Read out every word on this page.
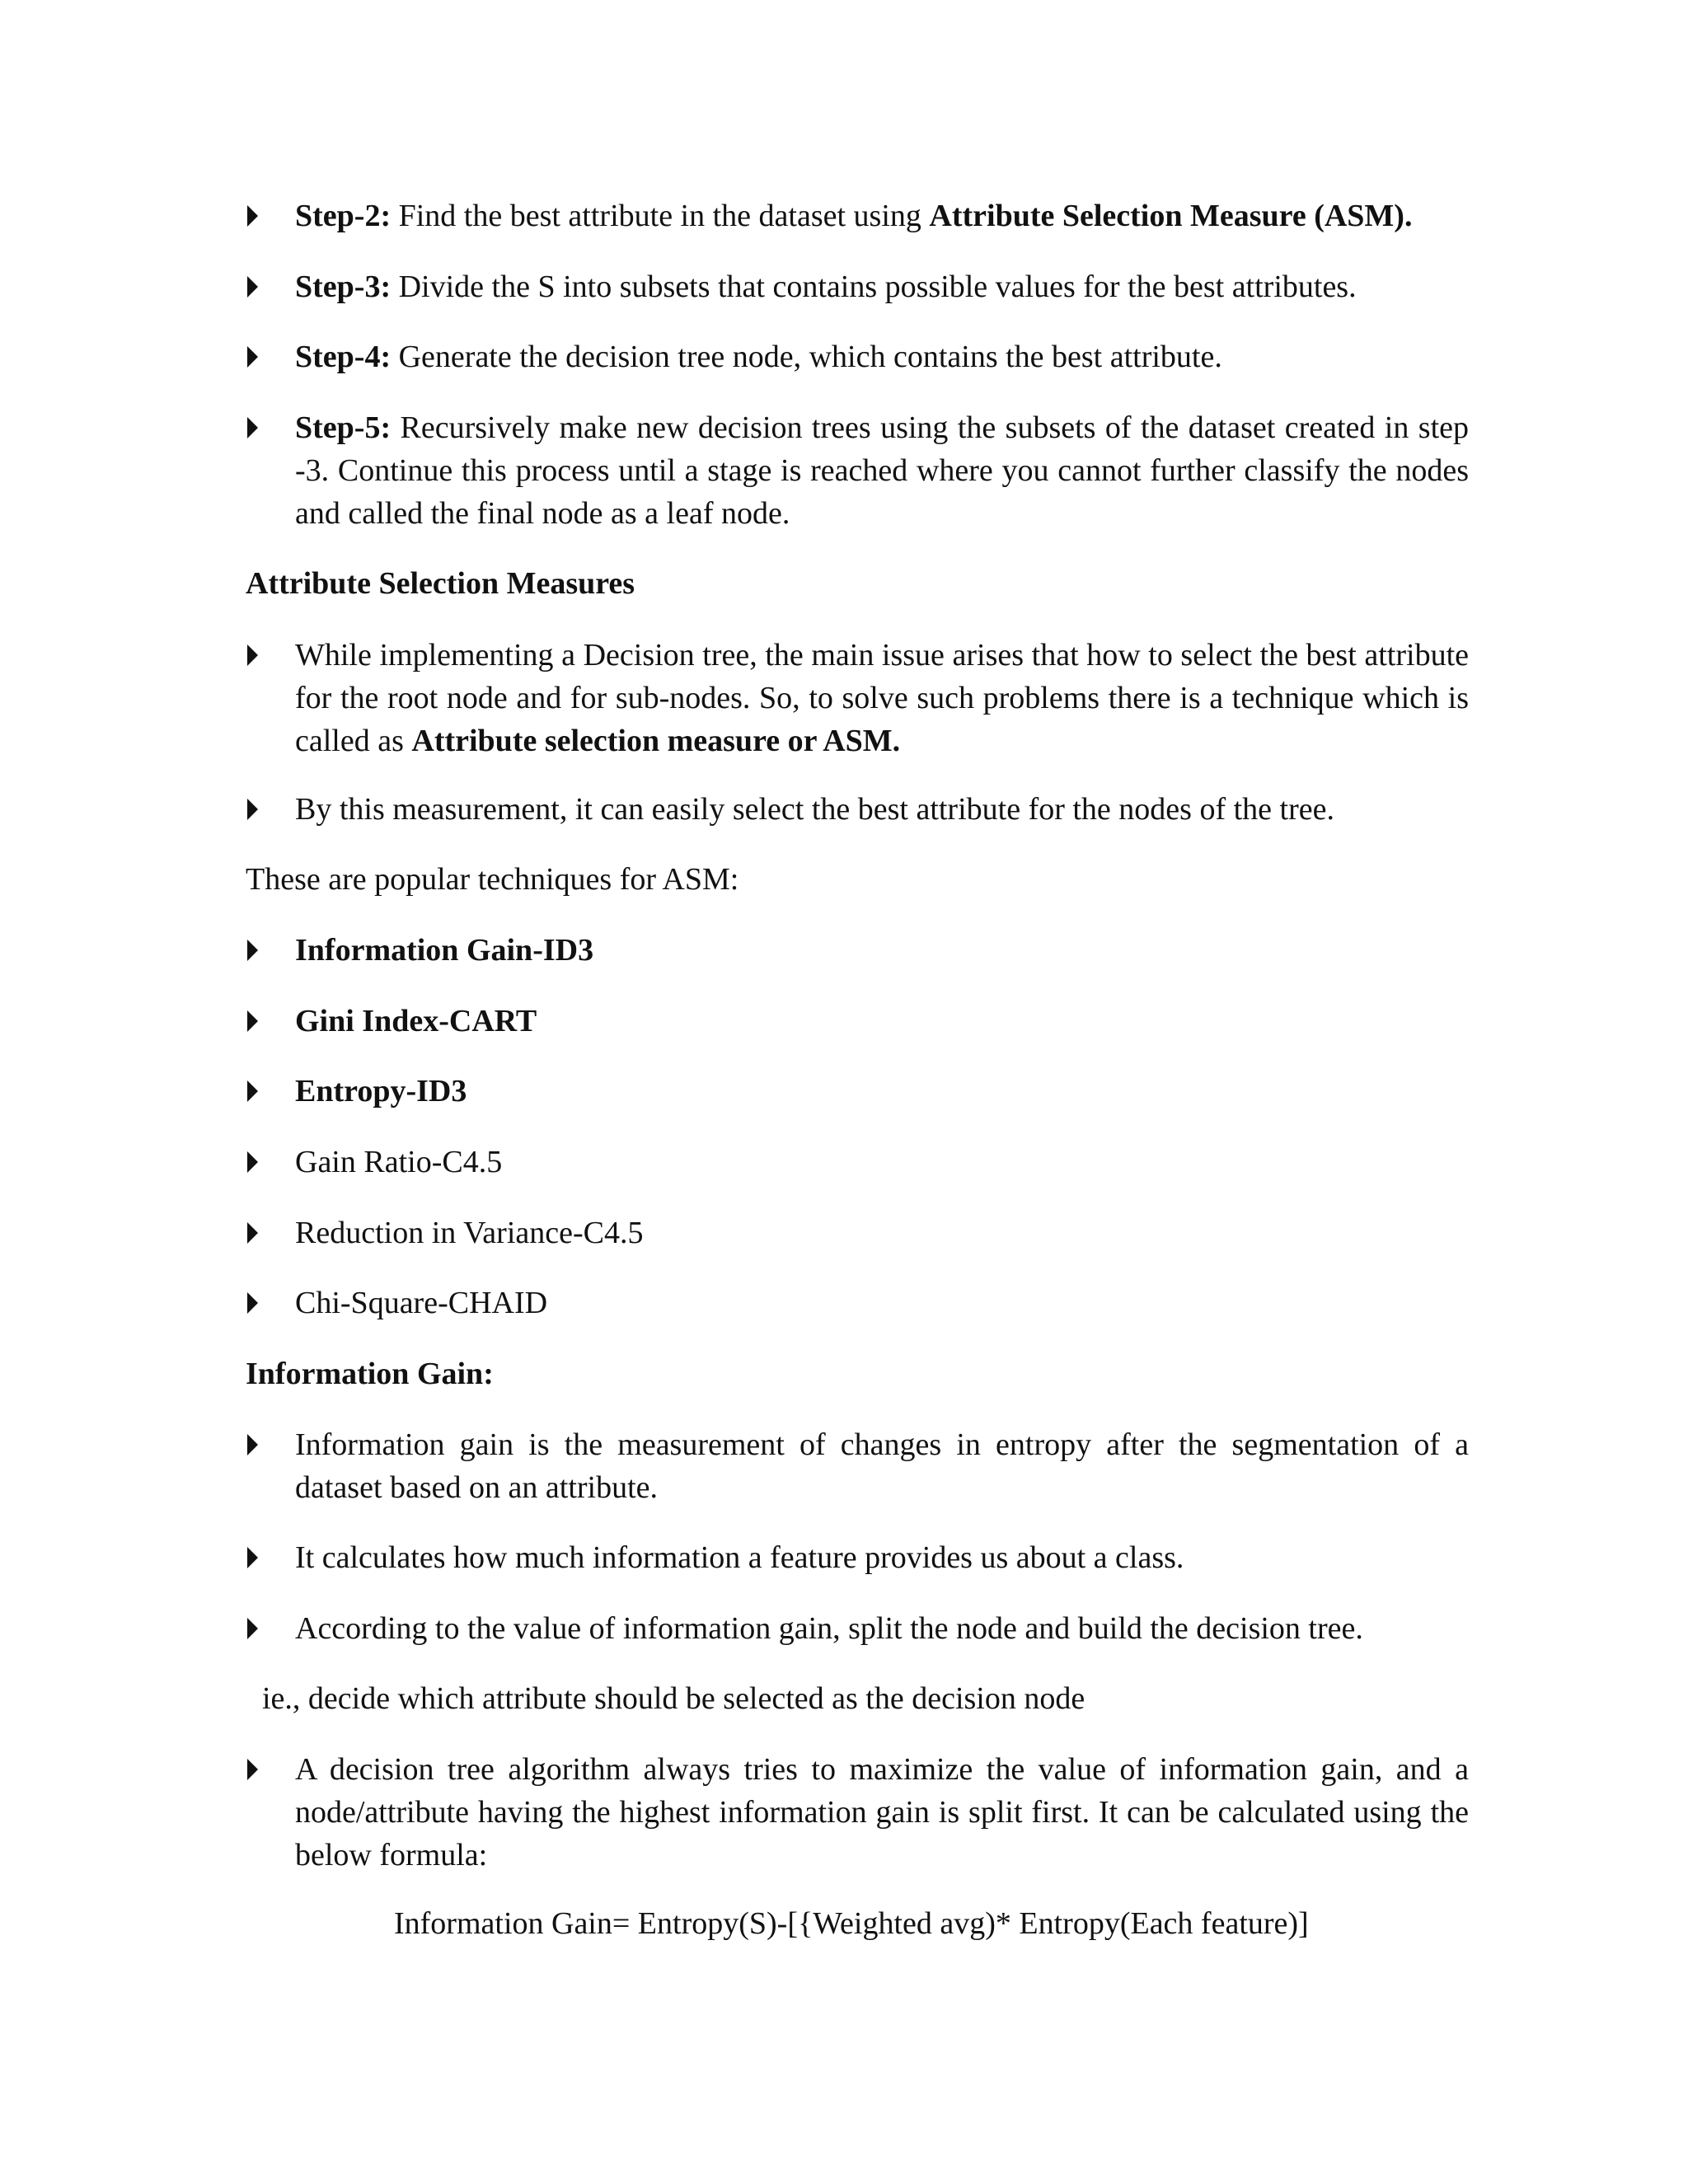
Step-2: Find the best attribute in the dataset using Attribute Selection Measure (ASM).
Step-3: Divide the S into subsets that contains possible values for the best attributes.
Step-4: Generate the decision tree node, which contains the best attribute.
Step-5: Recursively make new decision trees using the subsets of the dataset created in step -3. Continue this process until a stage is reached where you cannot further classify the nodes and called the final node as a leaf node.
Attribute Selection Measures
While implementing a Decision tree, the main issue arises that how to select the best attribute for the root node and for sub-nodes. So, to solve such problems there is a technique which is called as Attribute selection measure or ASM.
By this measurement, it can easily select the best attribute for the nodes of the tree.
These are popular techniques for ASM:
Information Gain-ID3
Gini Index-CART
Entropy-ID3
Gain Ratio-C4.5
Reduction in Variance-C4.5
Chi-Square-CHAID
Information Gain:
Information gain is the measurement of changes in entropy after the segmentation of a dataset based on an attribute.
It calculates how much information a feature provides us about a class.
According to the value of information gain, split the node and build the decision tree.
ie., decide which attribute should be selected as the decision node
A decision tree algorithm always tries to maximize the value of information gain, and a node/attribute having the highest information gain is split first. It can be calculated using the below formula:
Information Gain= Entropy(S)-[{Weighted avg)* Entropy(Each feature)]
